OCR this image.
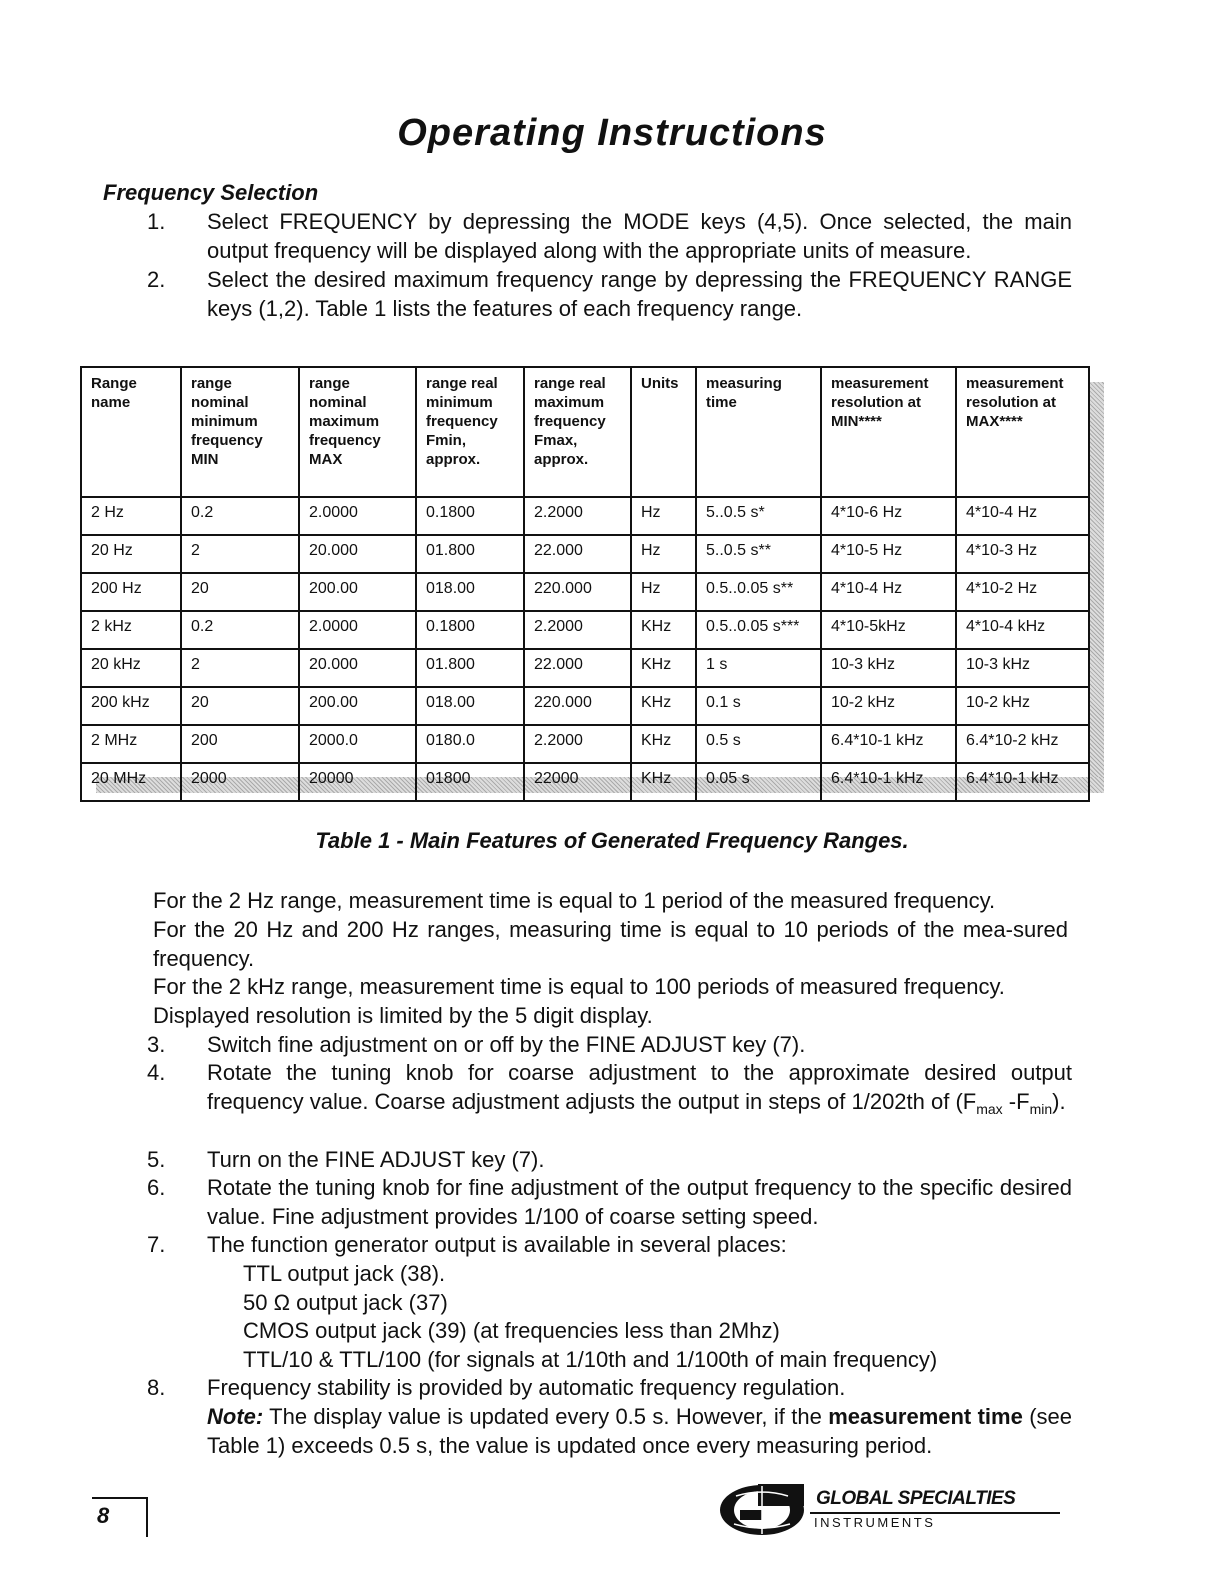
Operating Instructions
Frequency Selection
1.	Select FREQUENCY by depressing the MODE keys (4,5). Once selected, the main output frequency will be displayed along with the appropriate units of measure.
2.	Select the desired maximum frequency range by depressing the FREQUENCY RANGE keys (1,2). Table 1 lists the features of each frequency range.
Range name	range nominal minimum frequency MIN	range nominal maximum frequency MAX	range real minimum frequency Fmin, approx.	range real maximum frequency Fmax, approx.	Units	measuring time	measurement resolution at MIN****	measurement resolution at MAX****
2 Hz	0.2	2.0000	0.1800	2.2000	Hz	5..0.5 s*	4*10-6 Hz	4*10-4 Hz
20 Hz	2	20.000	01.800	22.000	Hz	5..0.5 s**	4*10-5 Hz	4*10-3 Hz
200 Hz	20	200.00	018.00	220.000	Hz	0.5..0.05 s**	4*10-4 Hz	4*10-2 Hz
2 kHz	0.2	2.0000	0.1800	2.2000	KHz	0.5..0.05 s***	4*10-5kHz	4*10-4 kHz
20 kHz	2	20.000	01.800	22.000	KHz	1 s	10-3 kHz	10-3 kHz
200 kHz	20	200.00	018.00	220.000	KHz	0.1 s	10-2 kHz	10-2 kHz
2 MHz	200	2000.0	0180.0	2.2000	KHz	0.5 s	6.4*10-1 kHz	6.4*10-2 kHz
20 MHz	2000	20000	01800	22000	KHz	0.05 s	6.4*10-1 kHz	6.4*10-1 kHz
Table 1 - Main Features of Generated Frequency Ranges.
For the 2 Hz range, measurement time is equal to 1 period of the measured frequency.
For the 20 Hz and 200 Hz ranges, measuring time is equal to 10 periods of the mea-sured frequency.
For the 2 kHz range, measurement time is equal to 100 periods of measured frequency.
Displayed resolution is limited by the 5 digit display.
3.	Switch fine adjustment on or off by the FINE ADJUST key (7).
4.	Rotate the tuning knob for coarse adjustment to the approximate desired output frequency value. Coarse adjustment adjusts the output in steps of 1/202th of ($F_{max}$ $-F_{min}$).
5.	Turn on the FINE ADJUST key (7).
6.	Rotate the tuning knob for fine adjustment of the output frequency to the specific desired value. Fine adjustment provides 1/100 of coarse setting speed.
7.	The function generator output is available in several places:
TTL output jack (38).
50 Ω output jack (37)
CMOS output jack (39) (at frequencies less than 2Mhz)
TTL/10 & TTL/100 (for signals at 1/10th and 1/100th of main frequency)
8.	Frequency stability is provided by automatic frequency regulation.
Note: The display value is updated every 0.5 s. However, if the measurement time (see Table 1) exceeds 0.5 s, the value is updated once every measuring period.
8
GLOBAL SPECIALTIES
INSTRUMENTS
